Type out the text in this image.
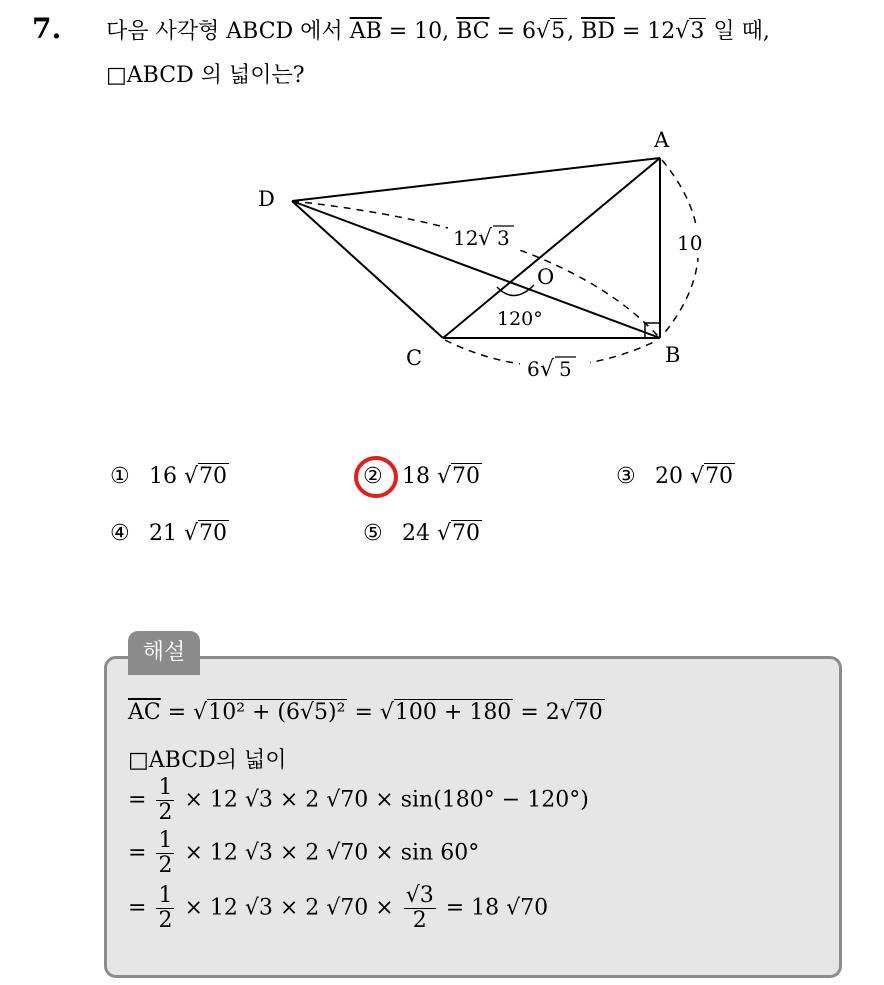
7. 다음 사각형 ABCD 에서 $\overline{AB} = 10$, $\overline{BC} = 6√5$, $\overline{BD} = 12√3$ 일 때,
□ABCD 의 넓이는?
A
B
C
D
O
10
12 √ 3
120°
6 √ 5
① 16 √70	② 18 √70	③ 20 √70
④ 21 √70	⑤ 24 √70
해설
$\overline{AC} = √10^2 + (6√5)^2 = √100 + 180 = 2√70$
□ABCD의 넓이
= $\frac{1}{2} \times 12$ √3 × 2 √70 × sin(180° − 120°)
= $\frac{1}{2} \times 12$ √3 × 2 √70 × sin 60°
= $\frac{1}{2} \times 12$ √3 × 2 $√70 \times \frac{√3}{2} = 18$ √70
